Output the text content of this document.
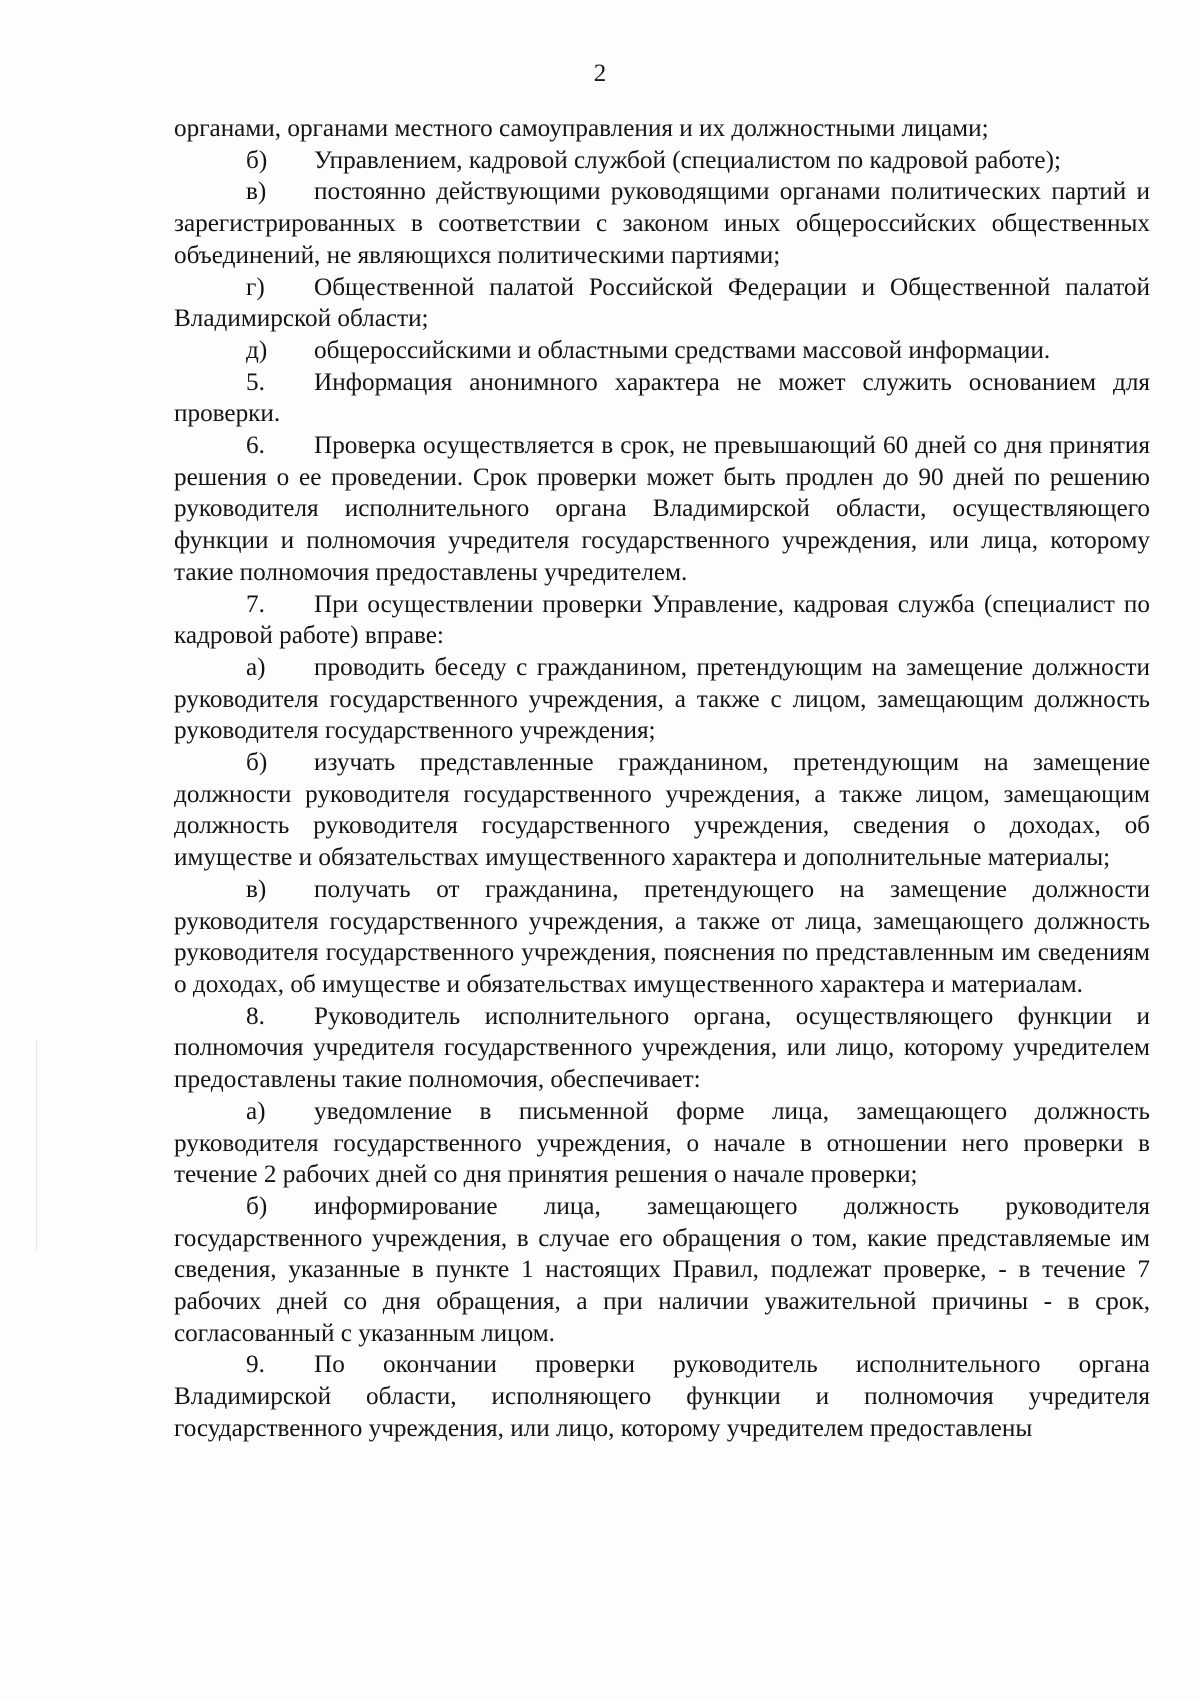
2

органами, органами местного самоуправления и их должностными лицами;

б) Управлением, кадровой службой (специалистом по кадровой работе);

в) постоянно действующими руководящими органами политических партий и зарегистрированных в соответствии с законом иных общероссийских общественных объединений, не являющихся политическими партиями;

г) Общественной палатой Российской Федерации и Общественной палатой Владимирской области;

д) общероссийскими и областными средствами массовой информации.

5. Информация анонимного характера не может служить основанием для проверки.

6. Проверка осуществляется в срок, не превышающий 60 дней со дня принятия решения о ее проведении. Срок проверки может быть продлен до 90 дней по решению руководителя исполнительного органа Владимирской области, осуществляющего функции и полномочия учредителя государственного учреждения, или лица, которому такие полномочия предоставлены учредителем.

7. При осуществлении проверки Управление, кадровая служба (специалист по кадровой работе) вправе:

а) проводить беседу с гражданином, претендующим на замещение должности руководителя государственного учреждения, а также с лицом, замещающим должность руководителя государственного учреждения;

б) изучать представленные гражданином, претендующим на замещение должности руководителя государственного учреждения, а также лицом, замещающим должность руководителя государственного учреждения, сведения о доходах, об имуществе и обязательствах имущественного характера и дополнительные материалы;

в) получать от гражданина, претендующего на замещение должности руководителя государственного учреждения, а также от лица, замещающего должность руководителя государственного учреждения, пояснения по представленным им сведениям о доходах, об имуществе и обязательствах имущественного характера и материалам.

8. Руководитель исполнительного органа, осуществляющего функции и полномочия учредителя государственного учреждения, или лицо, которому учредителем предоставлены такие полномочия, обеспечивает:

а) уведомление в письменной форме лица, замещающего должность руководителя государственного учреждения, о начале в отношении него проверки в течение 2 рабочих дней со дня принятия решения о начале проверки;

б) информирование лица, замещающего должность руководителя государственного учреждения, в случае его обращения о том, какие представляемые им сведения, указанные в пункте 1 настоящих Правил, подлежат проверке, - в течение 7 рабочих дней со дня обращения, а при наличии уважительной причины - в срок, согласованный с указанным лицом.

9. По окончании проверки руководитель исполнительного органа Владимирской области, исполняющего функции и полномочия учредителя государственного учреждения, или лицо, которому учредителем предоставлены
